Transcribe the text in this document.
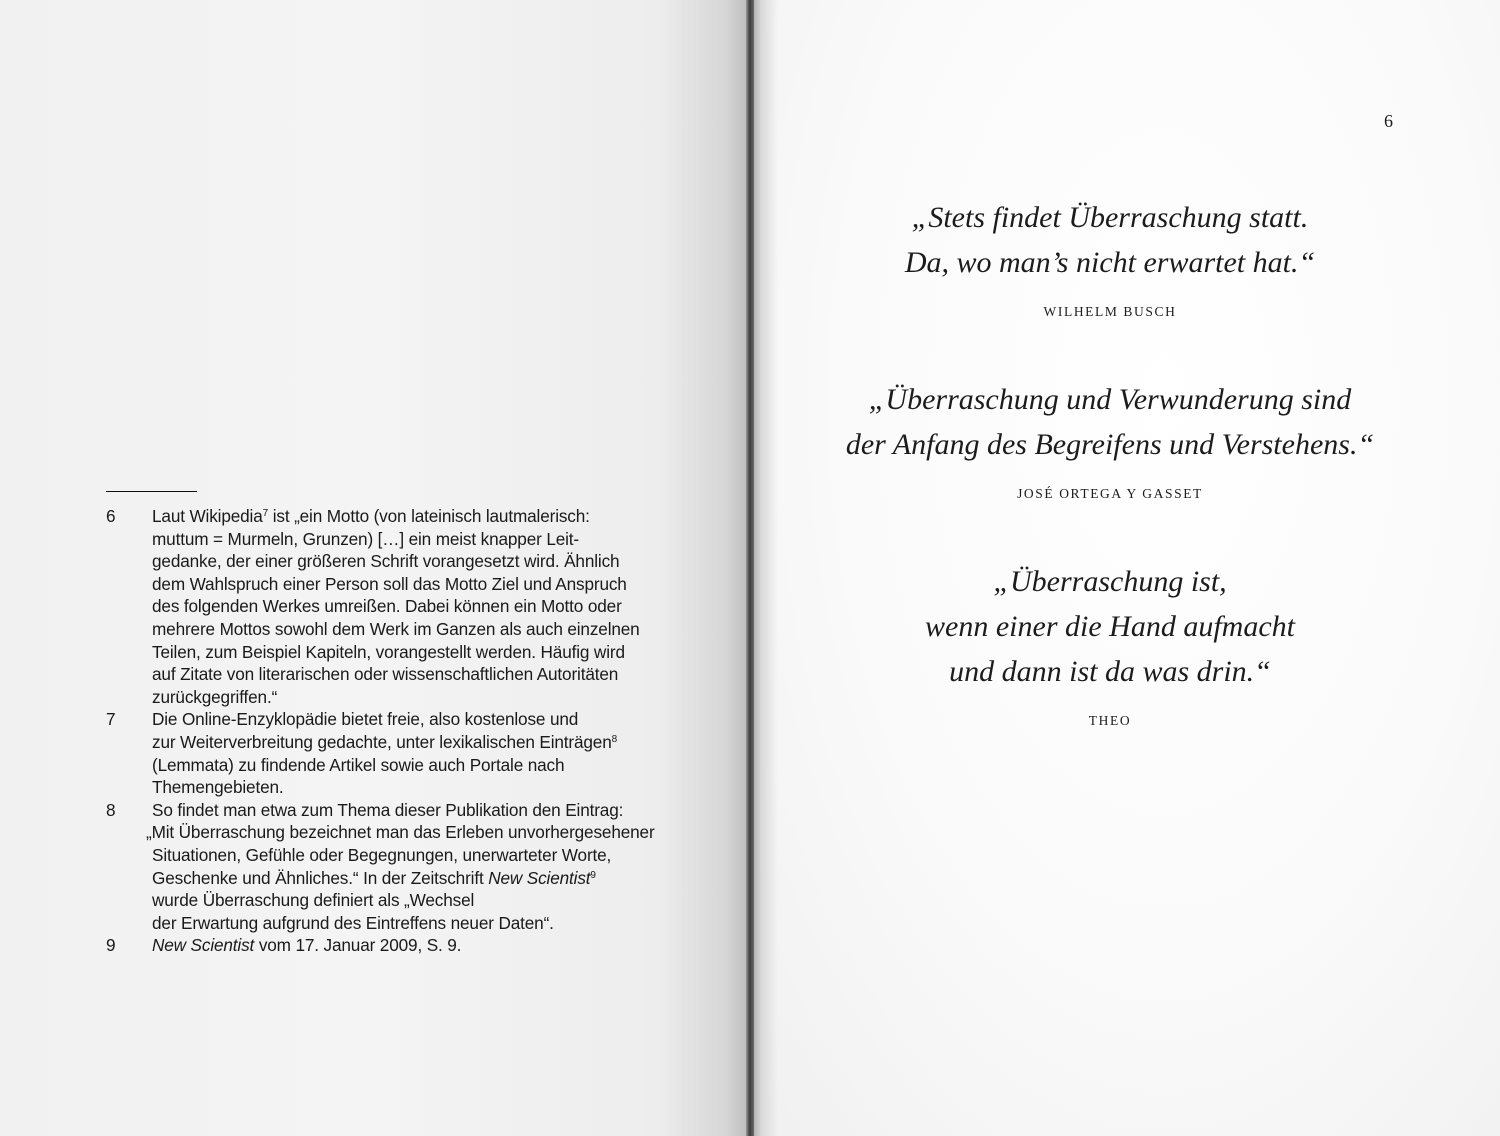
6 Laut Wikipedia$^7$ ist „ein Motto (von lateinisch lautmalerisch:
muttum = Murmeln, Grunzen) […] ein meist knapper Leit-
gedanke, der einer größeren Schrift vorangesetzt wird. Ähnlich
dem Wahlspruch einer Person soll das Motto Ziel und Anspruch
des folgenden Werkes umreißen. Dabei können ein Motto oder
mehrere Mottos sowohl dem Werk im Ganzen als auch einzelnen
Teilen, zum Beispiel Kapiteln, vorangestellt werden. Häufig wird
auf Zitate von literarischen oder wissenschaftlichen Autoritäten
zurückgegriffen.“
7 Die Online-Enzyklopädie bietet freie, also kostenlose und
zur Weiterverbreitung gedachte, unter lexikalischen Einträgen$^8$
(Lemmata) zu findende Artikel sowie auch Portale nach
Themengebieten.
8 So findet man etwa zum Thema dieser Publikation den Eintrag:
„Mit Überraschung bezeichnet man das Erleben unvorhergesehener
Situationen, Gefühle oder Begegnungen, unerwarteter Worte,
Geschenke und Ähnliches.“ In der Zeitschrift New Scientist$^9$
wurde Überraschung definiert als „Wechsel
der Erwartung aufgrund des Eintreffens neuer Daten“.
9 New Scientist vom 17. Januar 2009, S. 9.
6
„Stets findet Überraschung statt.
Da, wo man’s nicht erwartet hat.“
WILHELM BUSCH
„Überraschung und Verwunderung sind
der Anfang des Begreifens und Verstehens.“
JOSÉ ORTEGA Y GASSET
„Überraschung ist,
wenn einer die Hand aufmacht
und dann ist da was drin.“
THEO
